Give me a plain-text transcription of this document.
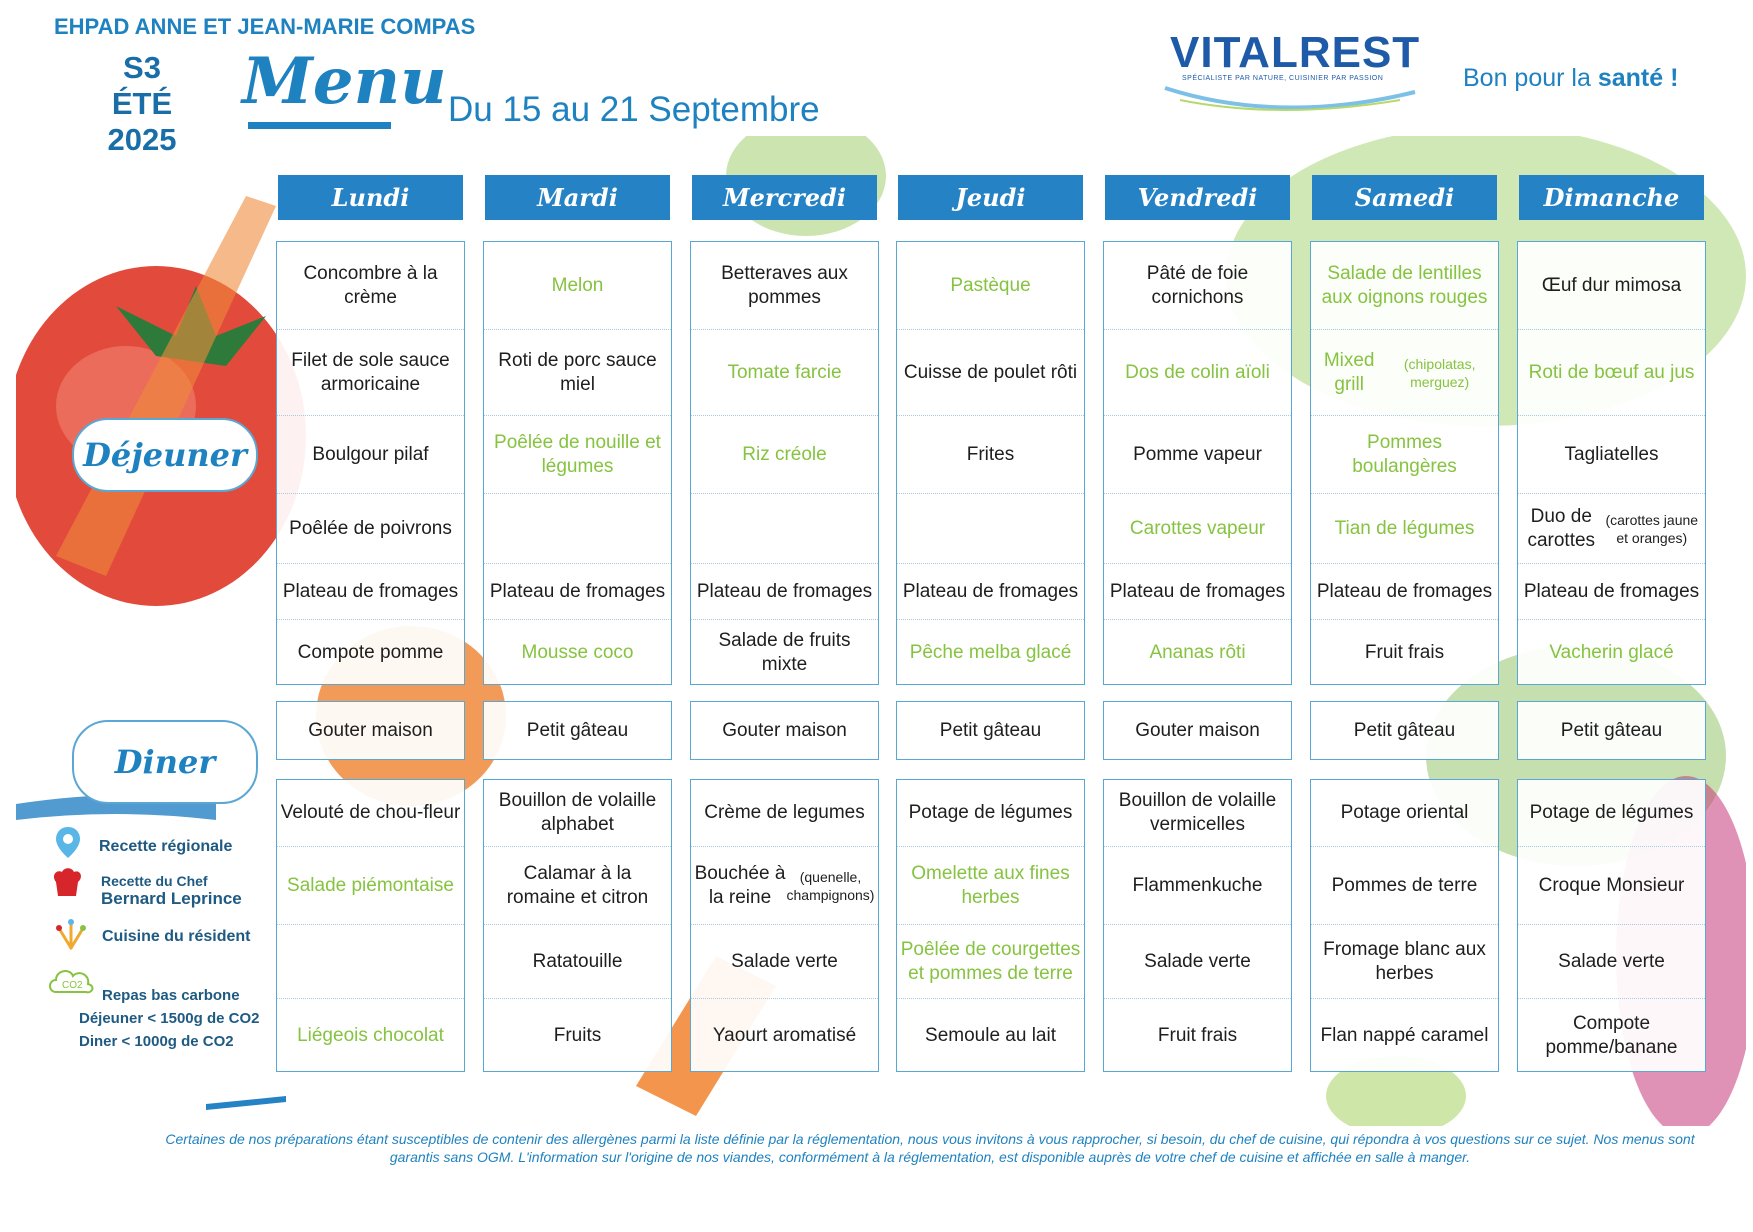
EHPAD ANNE ET JEAN-MARIE COMPAS
S3
ÉTÉ
2025
Menu Du 15 au 21 Septembre
VITALREST
SPÉCIALISTE PAR NATURE, CUISINIER PAR PASSION	Bon pour la santé !
Déjeuner
Diner
Lundi
Concombre à la crème
Filet de sole sauce armoricaine
Boulgour pilaf
Poêlée de poivrons
Plateau de fromages
Compote pomme
Gouter maison
Velouté de chou-fleur
Salade piémontaise
Liégeois chocolat
Mardi
Melon
Roti de porc sauce miel
Poêlée de nouille et légumes
Plateau de fromages
Mousse coco
Petit gâteau
Bouillon de volaille alphabet
Calamar à la romaine et citron
Ratatouille
Fruits
Mercredi
Betteraves aux pommes
Tomate farcie
Riz créole
Plateau de fromages
Salade de fruits mixte
Gouter maison
Crème de legumes
Bouchée à la reine
(quenelle, champignons)
Salade verte
Yaourt aromatisé
Jeudi
Pastèque
Cuisse de poulet rôti
Frites
Plateau de fromages
Pêche melba glacé
Petit gâteau
Potage de légumes
Omelette aux fines herbes
Poêlée de courgettes et pommes de terre
Semoule au lait
Vendredi
Pâté de foie cornichons
Dos de colin aïoli
Pomme vapeur
Carottes vapeur
Plateau de fromages
Ananas rôti
Gouter maison
Bouillon de volaille vermicelles
Flammenkuche
Salade verte
Fruit frais
Samedi
Salade de lentilles aux oignons rouges
Mixed grill
(chipolatas, merguez)
Pommes boulangères
Tian de légumes
Plateau de fromages
Fruit frais
Petit gâteau
Potage oriental
Pommes de terre
Fromage blanc aux herbes
Flan nappé caramel
Dimanche
Œuf dur mimosa
Roti de bœuf au jus
Tagliatelles
Duo de carottes
(carottes jaune et oranges)
Plateau de fromages
Vacherin glacé
Petit gâteau
Potage de légumes
Croque Monsieur
Salade verte
Compote pomme/banane
Recette régionale
Recette du Chef
Bernard Leprince
Cuisine du résident
CO2
Repas bas carbone
Déjeuner < 1500g de CO2
Diner < 1000g de CO2
Certaines de nos préparations étant susceptibles de contenir des allergènes parmi la liste définie par la réglementation, nous vous invitons à vous rapprocher, si besoin, du chef de cuisine, qui répondra à vos questions sur ce sujet. Nos menus sont garantis sans OGM. L'information sur l'origine de nos viandes, conformément à la réglementation, est disponible auprès de votre chef de cuisine et affichée en salle à manger.
